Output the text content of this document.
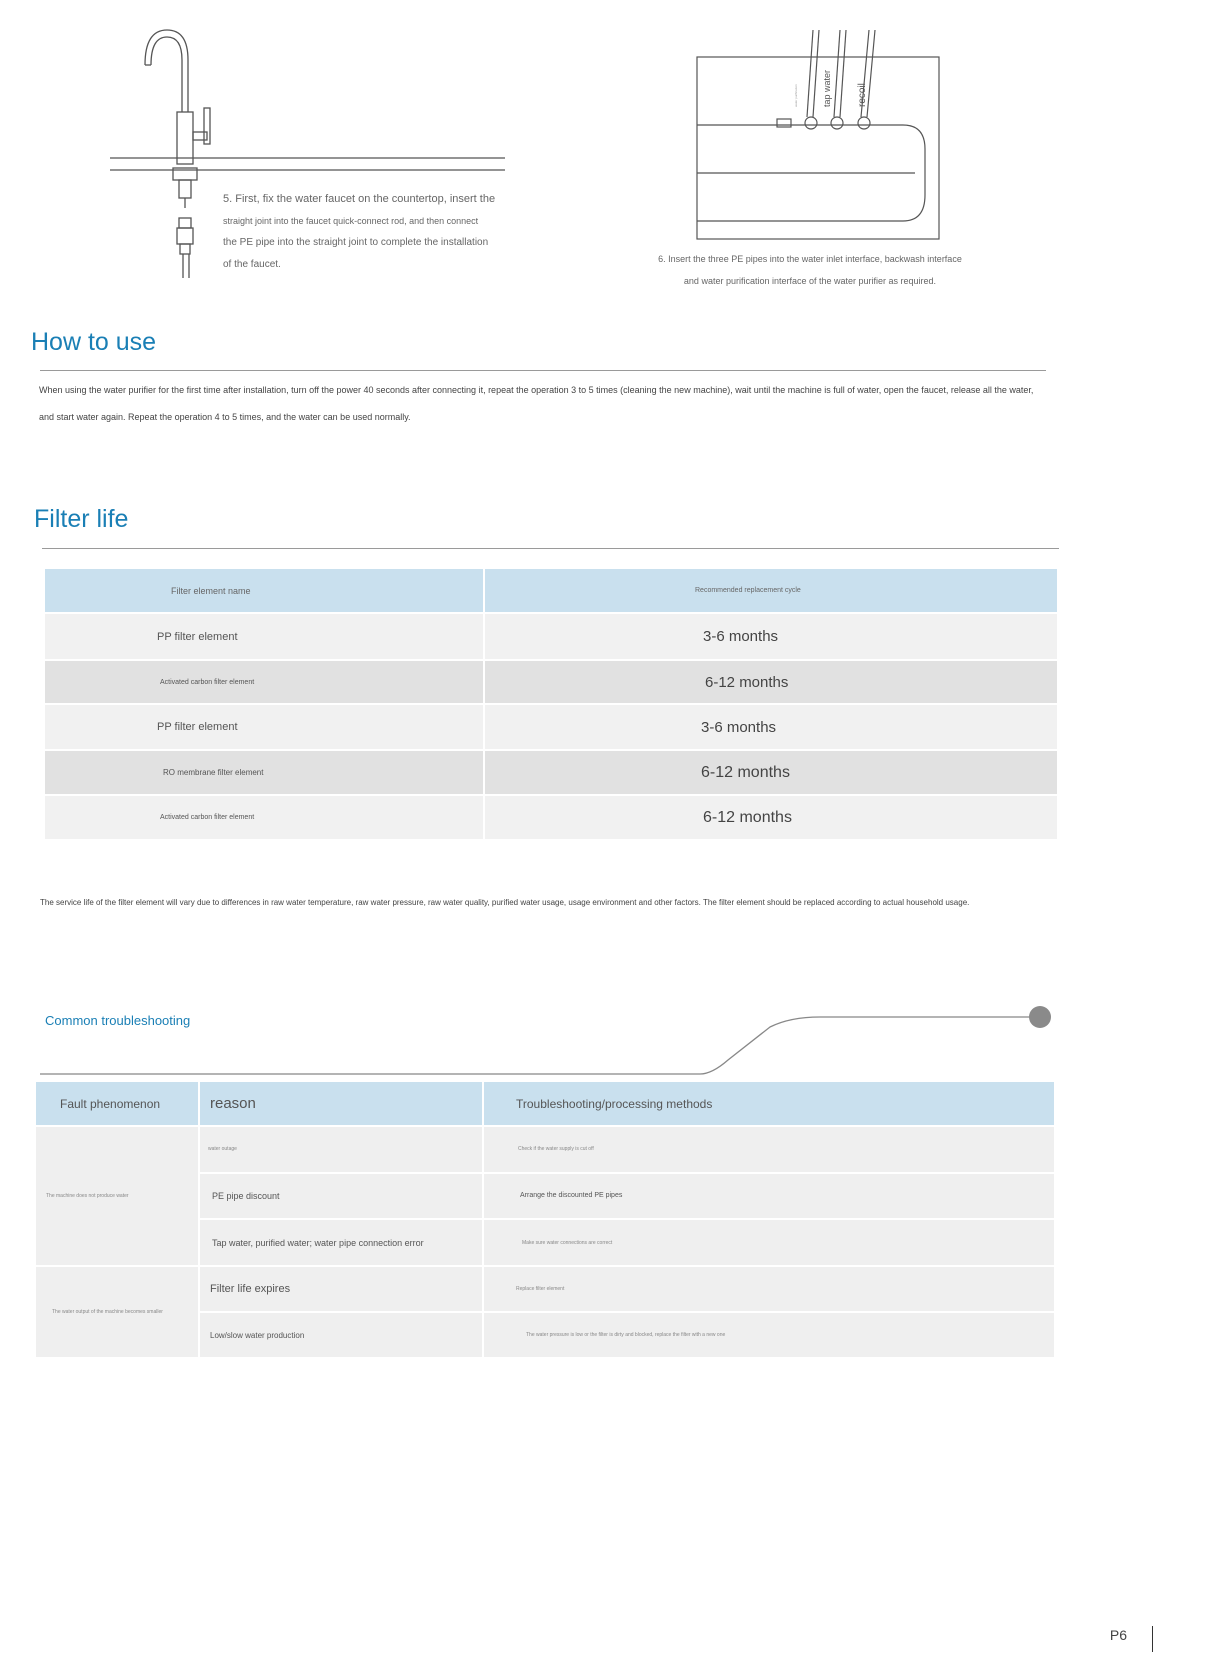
5. First, fix the water faucet on the countertop, insert the
straight joint into the faucet quick-connect rod, and then connect
the PE pipe into the straight joint to complete the installation
of the faucet.
water purification	tap water	recoil
6. Insert the three PE pipes into the water inlet interface, backwash interface
and water purification interface of the water purifier as required.
How to use
When using the water purifier for the first time after installation, turn off the power 40 seconds after connecting it, repeat the operation 3 to 5 times (cleaning the new machine), wait until the machine is full of water, open the faucet, release all the water, and start water again. Repeat the operation 4 to 5 times, and the water can be used normally.
Filter life
Filter element name	Recommended replacement cycle
PP filter element	3-6 months
Activated carbon filter element	6-12 months
PP filter element	3-6 months
RO membrane filter element	6-12 months
Activated carbon filter element	6-12 months
The service life of the filter element will vary due to differences in raw water temperature, raw water pressure, raw water quality, purified water usage, usage environment and other factors. The filter element should be replaced according to actual household usage.
Common troubleshooting
Fault phenomenon	reason	Troubleshooting/processing methods
The machine does not produce water	water outage	Check if the water supply is cut off
	PE pipe discount	Arrange the discounted PE pipes
	Tap water, purified water; water pipe connection error	Make sure water connections are correct
The water output of the machine becomes smaller	Filter life expires	Replace filter element
	Low/slow water production	The water pressure is low or the filter is dirty and blocked, replace the filter with a new one
P6
